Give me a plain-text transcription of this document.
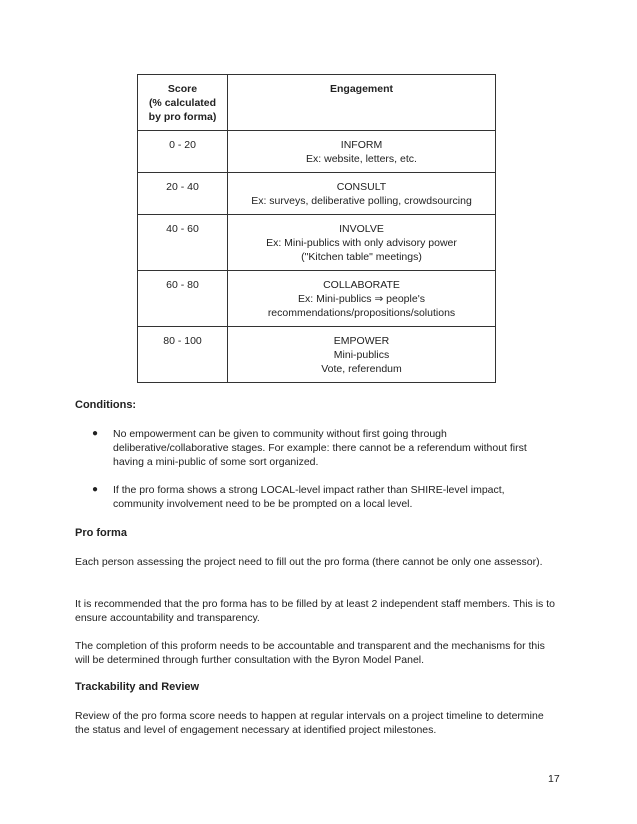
Score
(% calculated
by pro forma)	Engagement
0 - 20	INFORM
Ex: website, letters, etc.

20 - 40	CONSULT
Ex: surveys, deliberative polling, crowdsourcing

40 - 60	INVOLVE
Ex: Mini-publics with only advisory power
("Kitchen table" meetings)

60 - 80	COLLABORATE
Ex: Mini-publics ⇒ people's
recommendations/propositions/solutions

80 - 100	EMPOWER
Mini-publics
Vote, referendum
Conditions:
● No empowerment can be given to community without first going through deliberative/collaborative stages. For example: there cannot be a referendum without first having a mini-public of some sort organized.
● If the pro forma shows a strong LOCAL-level impact rather than SHIRE-level impact, community involvement need to be be prompted on a local level.
Pro forma
Each person assessing the project need to fill out the pro forma (there cannot be only one assessor).
It is recommended that the pro forma has to be filled by at least 2 independent staff members. This is to ensure accountability and transparency.
The completion of this proform needs to be accountable and transparent and the mechanisms for this will be determined through further consultation with the Byron Model Panel.
Trackability and Review
Review of the pro forma score needs to happen at regular intervals on a project timeline to determine the status and level of engagement necessary at identified project milestones.
17
